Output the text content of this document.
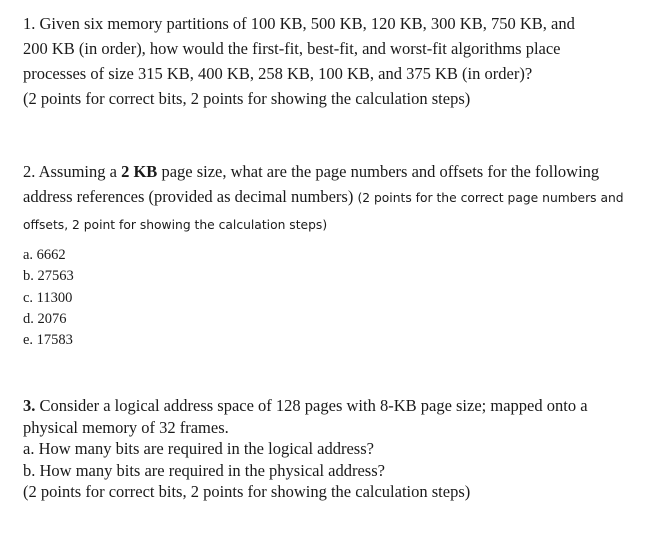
1. Given six memory partitions of 100 KB, 500 KB, 120 KB, 300 KB, 750 KB, and
200 KB (in order), how would the first-fit, best-fit, and worst-fit algorithms place
processes of size 315 KB, 400 KB, 258 KB, 100 KB, and 375 KB (in order)?
(2 points for correct bits, 2 points for showing the calculation steps)
2. Assuming a 2 KB page size, what are the page numbers and offsets for the following
address references (provided as decimal numbers) (2 points for the correct page numbers and
offsets, 2 point for showing the calculation steps)
a. 6662
b. 27563
c. 11300
d. 2076
e. 17583
3. Consider a logical address space of 128 pages with 8-KB page size; mapped onto a
physical memory of 32 frames.
a. How many bits are required in the logical address?
b. How many bits are required in the physical address?
(2 points for correct bits, 2 points for showing the calculation steps)
